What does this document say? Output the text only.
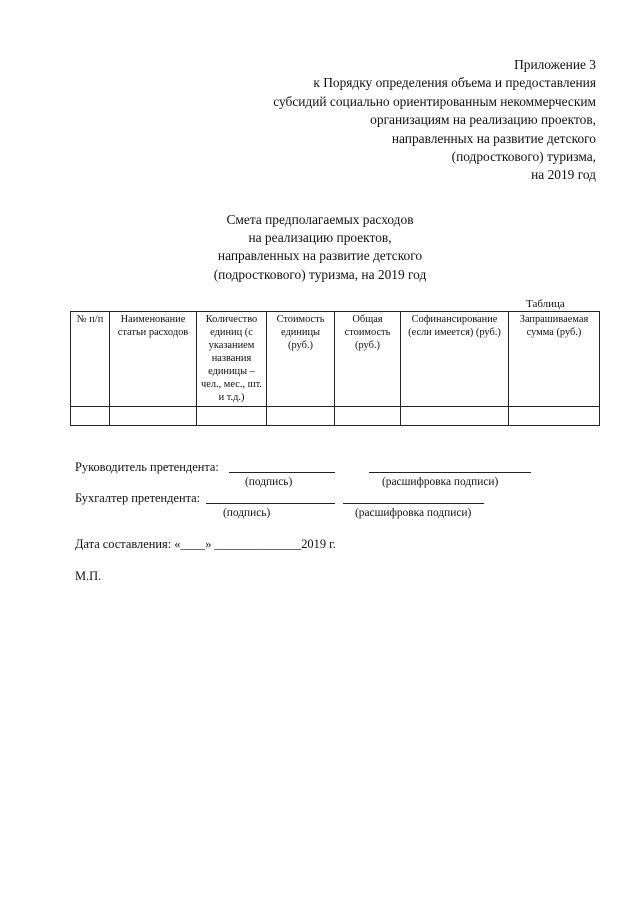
Приложение 3
к Порядку определения объема и предоставления
субсидий социально ориентированным некоммерческим
организациям на реализацию проектов,
направленных на развитие детского
(подросткового) туризма,
на 2019 год
Смета предполагаемых расходов
на реализацию проектов,
направленных на развитие детского
(подросткового) туризма, на 2019 год
Таблица
№ п/п	Наименование статьи расходов	Количество единиц (с указанием названия единицы – чел., мес., шт. и т.д.)	Стоимость единицы (руб.)	Общая стоимость (руб.)	Софинансирование (если имеется) (руб.)	Запрашиваемая сумма (руб.)

Руководитель претендента:
(подпись)	(расшифровка подписи)
Бухгалтер претендента:
(подпись)	(расшифровка подписи)
Дата составления: «____» ______________2019 г.
М.П.
